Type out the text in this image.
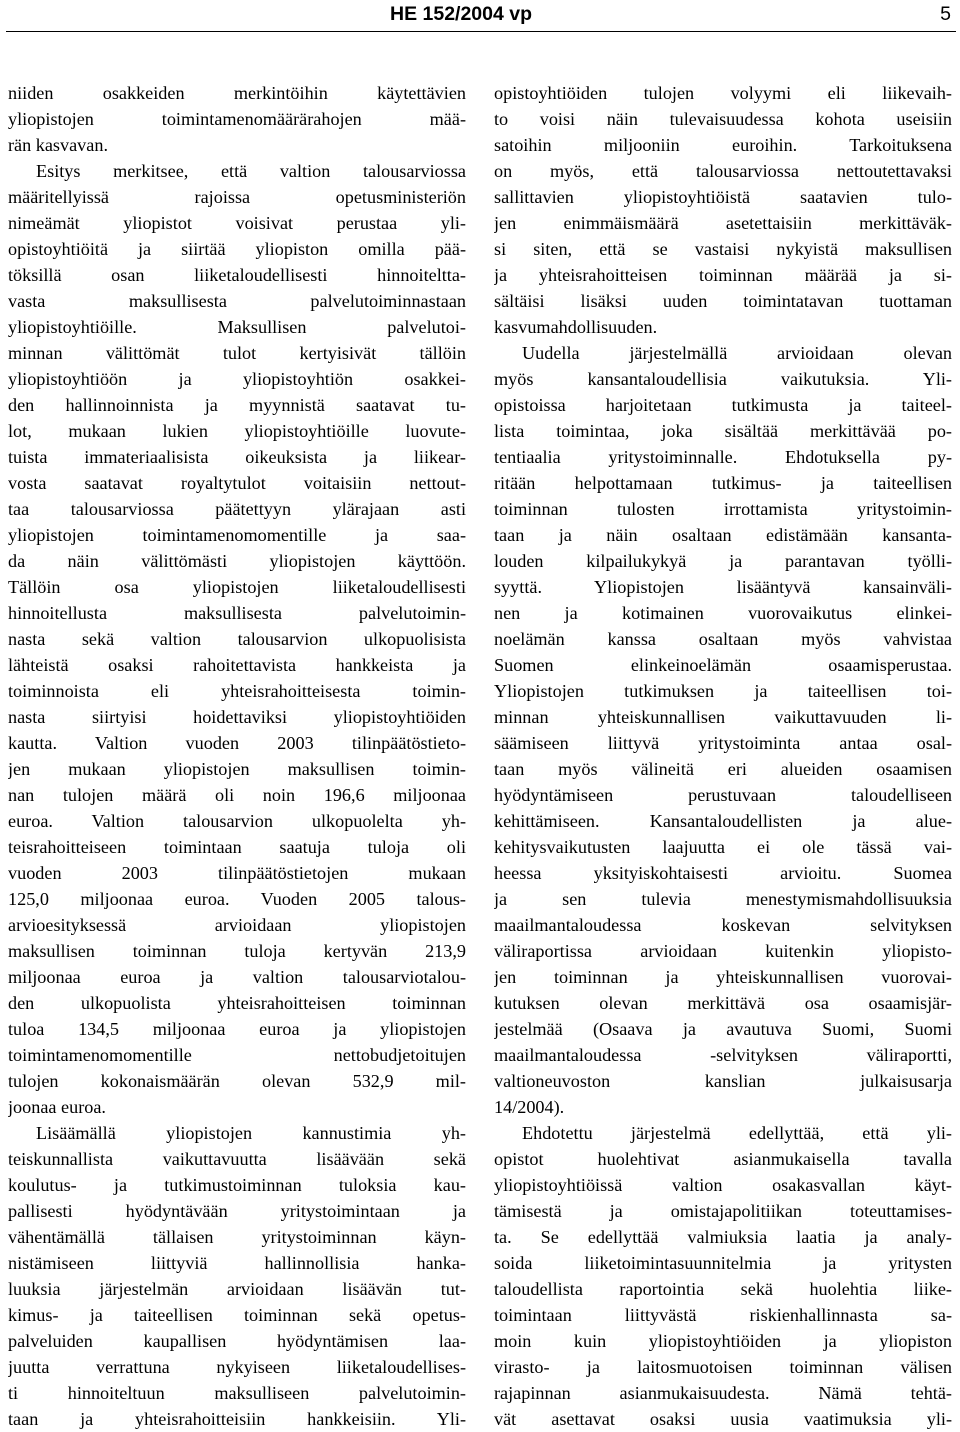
HE 152/2004 vp	5
niiden osakkeiden merkintöihin käytettävien
yliopistojen toimintamenomäärärahojen mää-
rän kasvavan.
Esitys merkitsee, että valtion talousarviossa
määritellyissä rajoissa opetusministeriön
nimeämät yliopistot voisivat perustaa yli-
opistoyhtiöitä ja siirtää yliopiston omilla pää-
töksillä osan liiketaloudellisesti hinnoiteltta-
vasta maksullisesta palvelutoiminnastaan
yliopistoyhtiöille. Maksullisen palvelutoi-
minnan välittömät tulot kertyisivät tällöin
yliopistoyhtiöön ja yliopistoyhtiön osakkei-
den hallinnoinnista ja myynnistä saatavat tu-
lot, mukaan lukien yliopistoyhtiöille luovute-
tuista immateriaalisista oikeuksista ja liikear-
vosta saatavat royaltytulot voitaisiin nettout-
taa talousarviossa päätettyyn ylärajaan asti
yliopistojen toimintamenomomentille ja saa-
da näin välittömästi yliopistojen käyttöön.
Tällöin osa yliopistojen liiketaloudellisesti
hinnoitellusta maksullisesta palvelutoimin-
nasta sekä valtion talousarvion ulkopuolisista
lähteistä osaksi rahoitettavista hankkeista ja
toiminnoista eli yhteisrahoitteisesta toimin-
nasta siirtyisi hoidettaviksi yliopistoyhtiöiden
kautta. Valtion vuoden 2003 tilinpäätöstieto-
jen mukaan yliopistojen maksullisen toimin-
nan tulojen määrä oli noin 196,6 miljoonaa
euroa. Valtion talousarvion ulkopuolelta yh-
teisrahoitteiseen toimintaan saatuja tuloja oli
vuoden 2003 tilinpäätöstietojen mukaan
125,0 miljoonaa euroa. Vuoden 2005 talous-
arvioesityksessä arvioidaan yliopistojen
maksullisen toiminnan tuloja kertyvän 213,9
miljoonaa euroa ja valtion talousarviotalou-
den ulkopuolista yhteisrahoitteisen toiminnan
tuloa 134,5 miljoonaa euroa ja yliopistojen
toimintamenomomentille nettobudjetoitujen
tulojen kokonaismäärän olevan 532,9 mil-
joonaa euroa.
Lisäämällä yliopistojen kannustimia yh-
teiskunnallista vaikuttavuutta lisäävään sekä
koulutus- ja tutkimustoiminnan tuloksia kau-
pallisesti hyödyntävään yritystoimintaan ja
vähentämällä tällaisen yritystoiminnan käyn-
nistämiseen liittyviä hallinnollisia hanka-
luuksia järjestelmän arvioidaan lisäävän tut-
kimus- ja taiteellisen toiminnan sekä opetus-
palveluiden kaupallisen hyödyntämisen laa-
juutta verrattuna nykyiseen liiketaloudellises-
ti hinnoiteltuun maksulliseen palvelutoimin-
taan ja yhteisrahoitteisiin hankkeisiin. Yli-
opistoyhtiöiden tulojen volyymi eli liikevaih-
to voisi näin tulevaisuudessa kohota useisiin
satoihin miljooniin euroihin. Tarkoituksena
on myös, että talousarviossa nettoutettavaksi
sallittavien yliopistoyhtiöistä saatavien tulo-
jen enimmäismäärä asetettaisiin merkittäväk-
si siten, että se vastaisi nykyistä maksullisen
ja yhteisrahoitteisen toiminnan määrää ja si-
sältäisi lisäksi uuden toimintatavan tuottaman
kasvumahdollisuuden.
Uudella järjestelmällä arvioidaan olevan
myös kansantaloudellisia vaikutuksia. Yli-
opistoissa harjoitetaan tutkimusta ja taiteel-
lista toimintaa, joka sisältää merkittävää po-
tentiaalia yritystoiminnalle. Ehdotuksella py-
ritään helpottamaan tutkimus- ja taiteellisen
toiminnan tulosten irrottamista yritystoimin-
taan ja näin osaltaan edistämään kansanta-
louden kilpailukykyä ja parantavan työlli-
syyttä. Yliopistojen lisääntyvä kansainväli-
nen ja kotimainen vuorovaikutus elinkei-
noelämän kanssa osaltaan myös vahvistaa
Suomen elinkeinoelämän osaamisperustaa.
Yliopistojen tutkimuksen ja taiteellisen toi-
minnan yhteiskunnallisen vaikuttavuuden li-
säämiseen liittyvä yritystoiminta antaa osal-
taan myös välineitä eri alueiden osaamisen
hyödyntämiseen perustuvaan taloudelliseen
kehittämiseen. Kansantaloudellisten ja alue-
kehitysvaikutusten laajuutta ei ole tässä vai-
heessa yksityiskohtaisesti arvioitu. Suomea
ja sen tulevia menestymismahdollisuuksia
maailmantaloudessa koskevan selvityksen
väliraportissa arvioidaan kuitenkin yliopisto-
jen toiminnan ja yhteiskunnallisen vuorovai-
kutuksen olevan merkittävä osa osaamisjär-
jestelmää (Osaava ja avautuva Suomi, Suomi
maailmantaloudessa -selvityksen väliraportti,
valtioneuvoston kanslian julkaisusarja
14/2004).
Ehdotettu järjestelmä edellyttää, että yli-
opistot huolehtivat asianmukaisella tavalla
yliopistoyhtiöissä valtion osakasvallan käyt-
tämisestä ja omistajapolitiikan toteuttamises-
ta. Se edellyttää valmiuksia laatia ja analy-
soida liiketoimintasuunnitelmia ja yritysten
taloudellista raportointia sekä huolehtia liike-
toimintaan liittyvästä riskienhallinnasta sa-
moin kuin yliopistoyhtiöiden ja yliopiston
virasto- ja laitosmuotoisen toiminnan välisen
rajapinnan asianmukaisuudesta. Nämä tehtä-
vät asettavat osaksi uusia vaatimuksia yli-
